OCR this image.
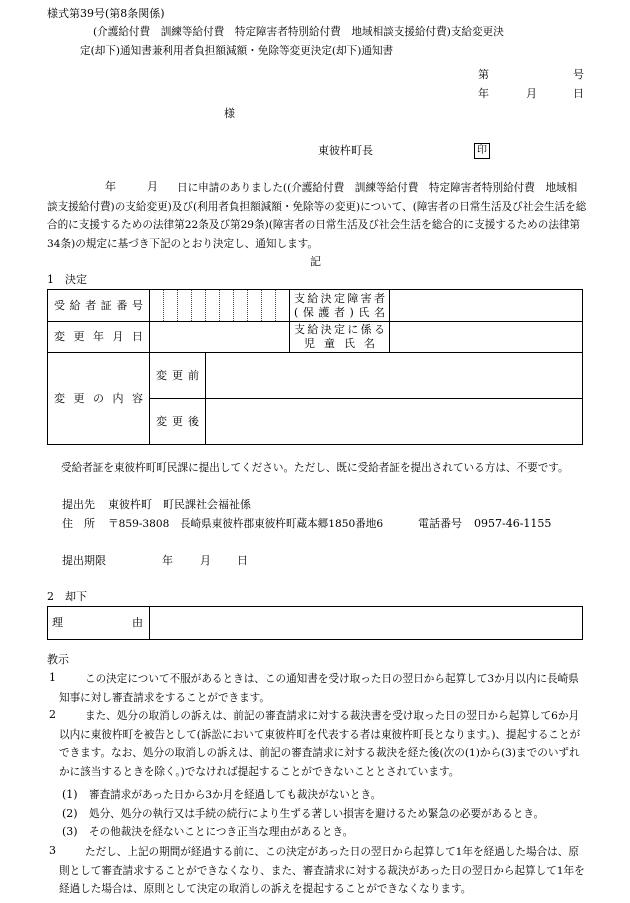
様式第39号(第8条関係)
(介護給付費　訓練等給付費　特定障害者特別給付費　地域相談支援給付費)支給変更決
定(却下)通知書兼利用者負担額減額・免除等変更決定(却下)通知書
第	号
年	月	日
様
東彼杵町長	印
年	月	日に申請のありました((介護給付費　訓練等給付費　特定障害者特別給付費　地域相談支援給付費)の支給変更)及び(利用者負担額減額・免除等の変更)について、(障害者の日常生活及び社会生活を総合的に支援するための法律第22条及び第29条)(障害者の日常生活及び社会生活を総合的に支援するための法律第34条)の規定に基づき下記のとおり決定し、通知します。
記
1　決定
受給者証番号											支給決定障害者
(保護者)氏名	

変更年月日											支給決定に係る
児童氏名	

変更の内容	変更前											

	変更後											

受給者証を東彼杵町町民課に提出してください。ただし、既に受給者証を提出されている方は、不要です。
提出先 東彼杵町　町民課社会福祉係
住　所 〒859-3808　長崎県東彼杵郡東彼杵町蔵本郷1850番地6	電話番号 0957-46-1155
提出期限	年 月 日
2　却下
理由

教示
1	この決定について不服があるときは、この通知書を受け取った日の翌日から起算して3か月以内に長崎県知事に対し審査請求をすることができます。
2	また、処分の取消しの訴えは、前記の審査請求に対する裁決書を受け取った日の翌日から起算して6か月以内に東彼杵町を被告として(訴訟において東彼杵町を代表する者は東彼杵町長となります。)、提起することができます。なお、処分の取消しの訴えは、前記の審査請求に対する裁決を経た後(次の(1)から(3)までのいずれかに該当するときを除く。)でなければ提起することができないこととされています。
(1) 審査請求があった日から3か月を経過しても裁決がないとき。
(2) 処分、処分の執行又は手続の続行により生ずる著しい損害を避けるため緊急の必要があるとき。
(3) その他裁決を経ないことにつき正当な理由があるとき。
3	ただし、上記の期間が経過する前に、この決定があった日の翌日から起算して1年を経過した場合は、原則として審査請求することができなくなり、また、審査請求に対する裁決があった日の翌日から起算して1年を経過した場合は、原則として決定の取消しの訴えを提起することができなくなります。
